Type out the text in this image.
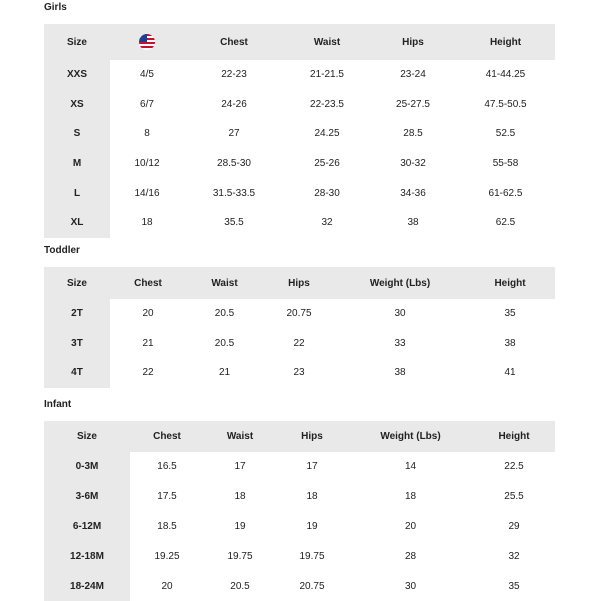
Girls
Size		Chest	Waist	Hips	Height
XXS	4/5	22-23	21-21.5	23-24	41-44.25
XS	6/7	24-26	22-23.5	25-27.5	47.5-50.5
S	8	27	24.25	28.5	52.5
M	10/12	28.5-30	25-26	30-32	55-58
L	14/16	31.5-33.5	28-30	34-36	61-62.5
XL	18	35.5	32	38	62.5
Toddler
Size	Chest	Waist	Hips	Weight (Lbs)	Height
2T	20	20.5	20.75	30	35
3T	21	20.5	22	33	38
4T	22	21	23	38	41
Infant
Size	Chest	Waist	Hips	Weight (Lbs)	Height
0-3M	16.5	17	17	14	22.5
3-6M	17.5	18	18	18	25.5
6-12M	18.5	19	19	20	29
12-18M	19.25	19.75	19.75	28	32
18-24M	20	20.5	20.75	30	35
